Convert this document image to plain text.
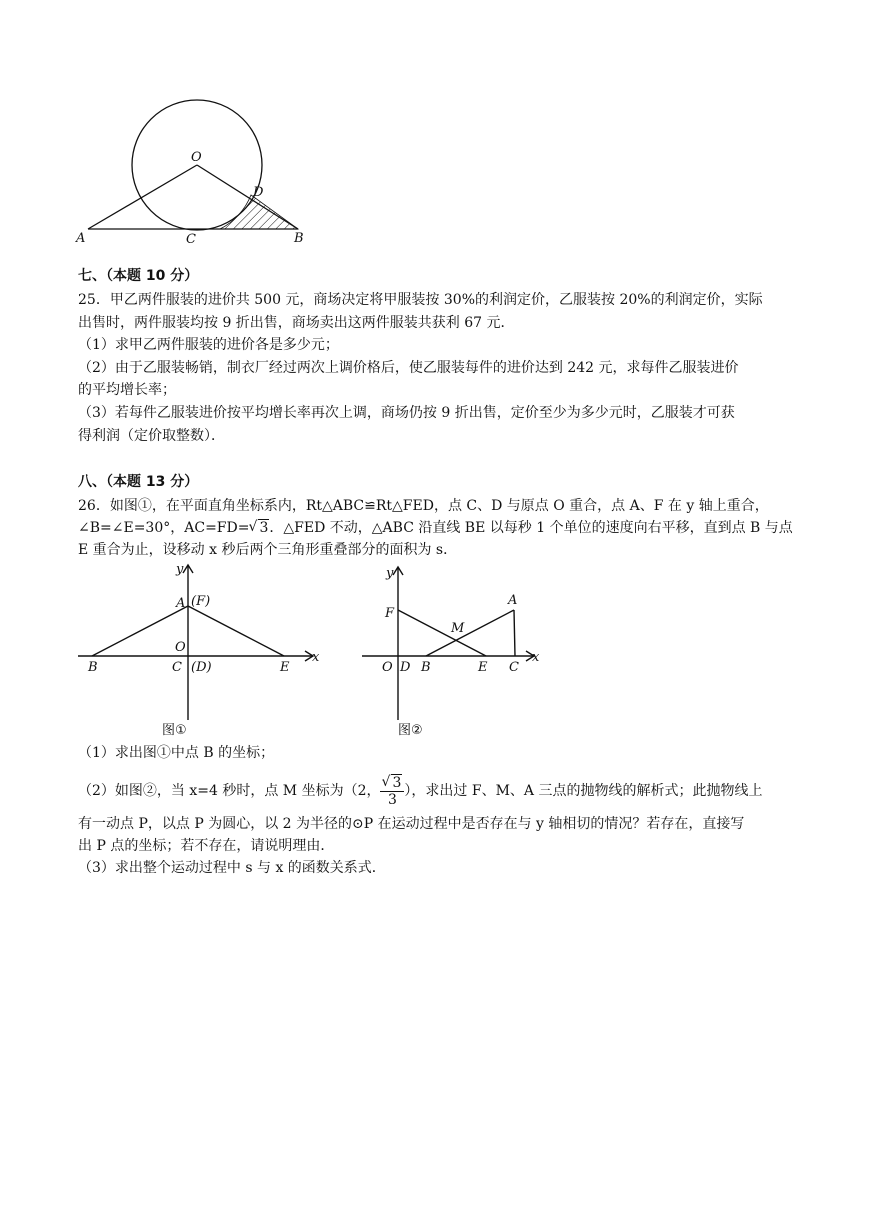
O
D
A	C	B
七、（本题 10 分）
25．甲乙两件服装的进价共 500 元，商场决定将甲服装按 30%的利润定价，乙服装按 20%的利润定价，实际
出售时，两件服装均按 9 折出售，商场卖出这两件服装共获利 67 元．
（1）求甲乙两件服装的进价各是多少元；
（2）由于乙服装畅销，制衣厂经过两次上调价格后，使乙服装每件的进价达到 242 元，求每件乙服装进价
的平均增长率；
（3）若每件乙服装进价按平均增长率再次上调，商场仍按 9 折出售，定价至少为多少元时，乙服装才可获
得利润（定价取整数）．
八、（本题 13 分）
26．如图①，在平面直角坐标系内，Rt△ABC≌Rt△FED，点 C、D 与原点 O 重合，点 A、F 在 y 轴上重合，
∠B=∠E=30°，AC=FD= √ 3．△FED 不动，△ABC 沿直线 BE 以每秒 1 个单位的速度向右平移，直到点 B 与点
E 重合为止，设移动 x 秒后两个三角形重叠部分的面积为 s．
y
x
A (F)
O
C (D)
B	E
图①
y
x
F
A
M
O D B	E C
图②
（1）求出图①中点 B 的坐标；
（2）如图②，当 x=4 秒时，点 M 坐标为（2， √ $\frac{3}{3}$ ），求出过 F、M、A 三点的抛物线的解析式；此抛物线上
有一动点 P，以点 P 为圆心，以 2 为半径的⊙P 在运动过程中是否存在与 y 轴相切的情况？若存在，直接写
出 P 点的坐标；若不存在，请说明理由．
（3）求出整个运动过程中 s 与 x 的函数关系式．
